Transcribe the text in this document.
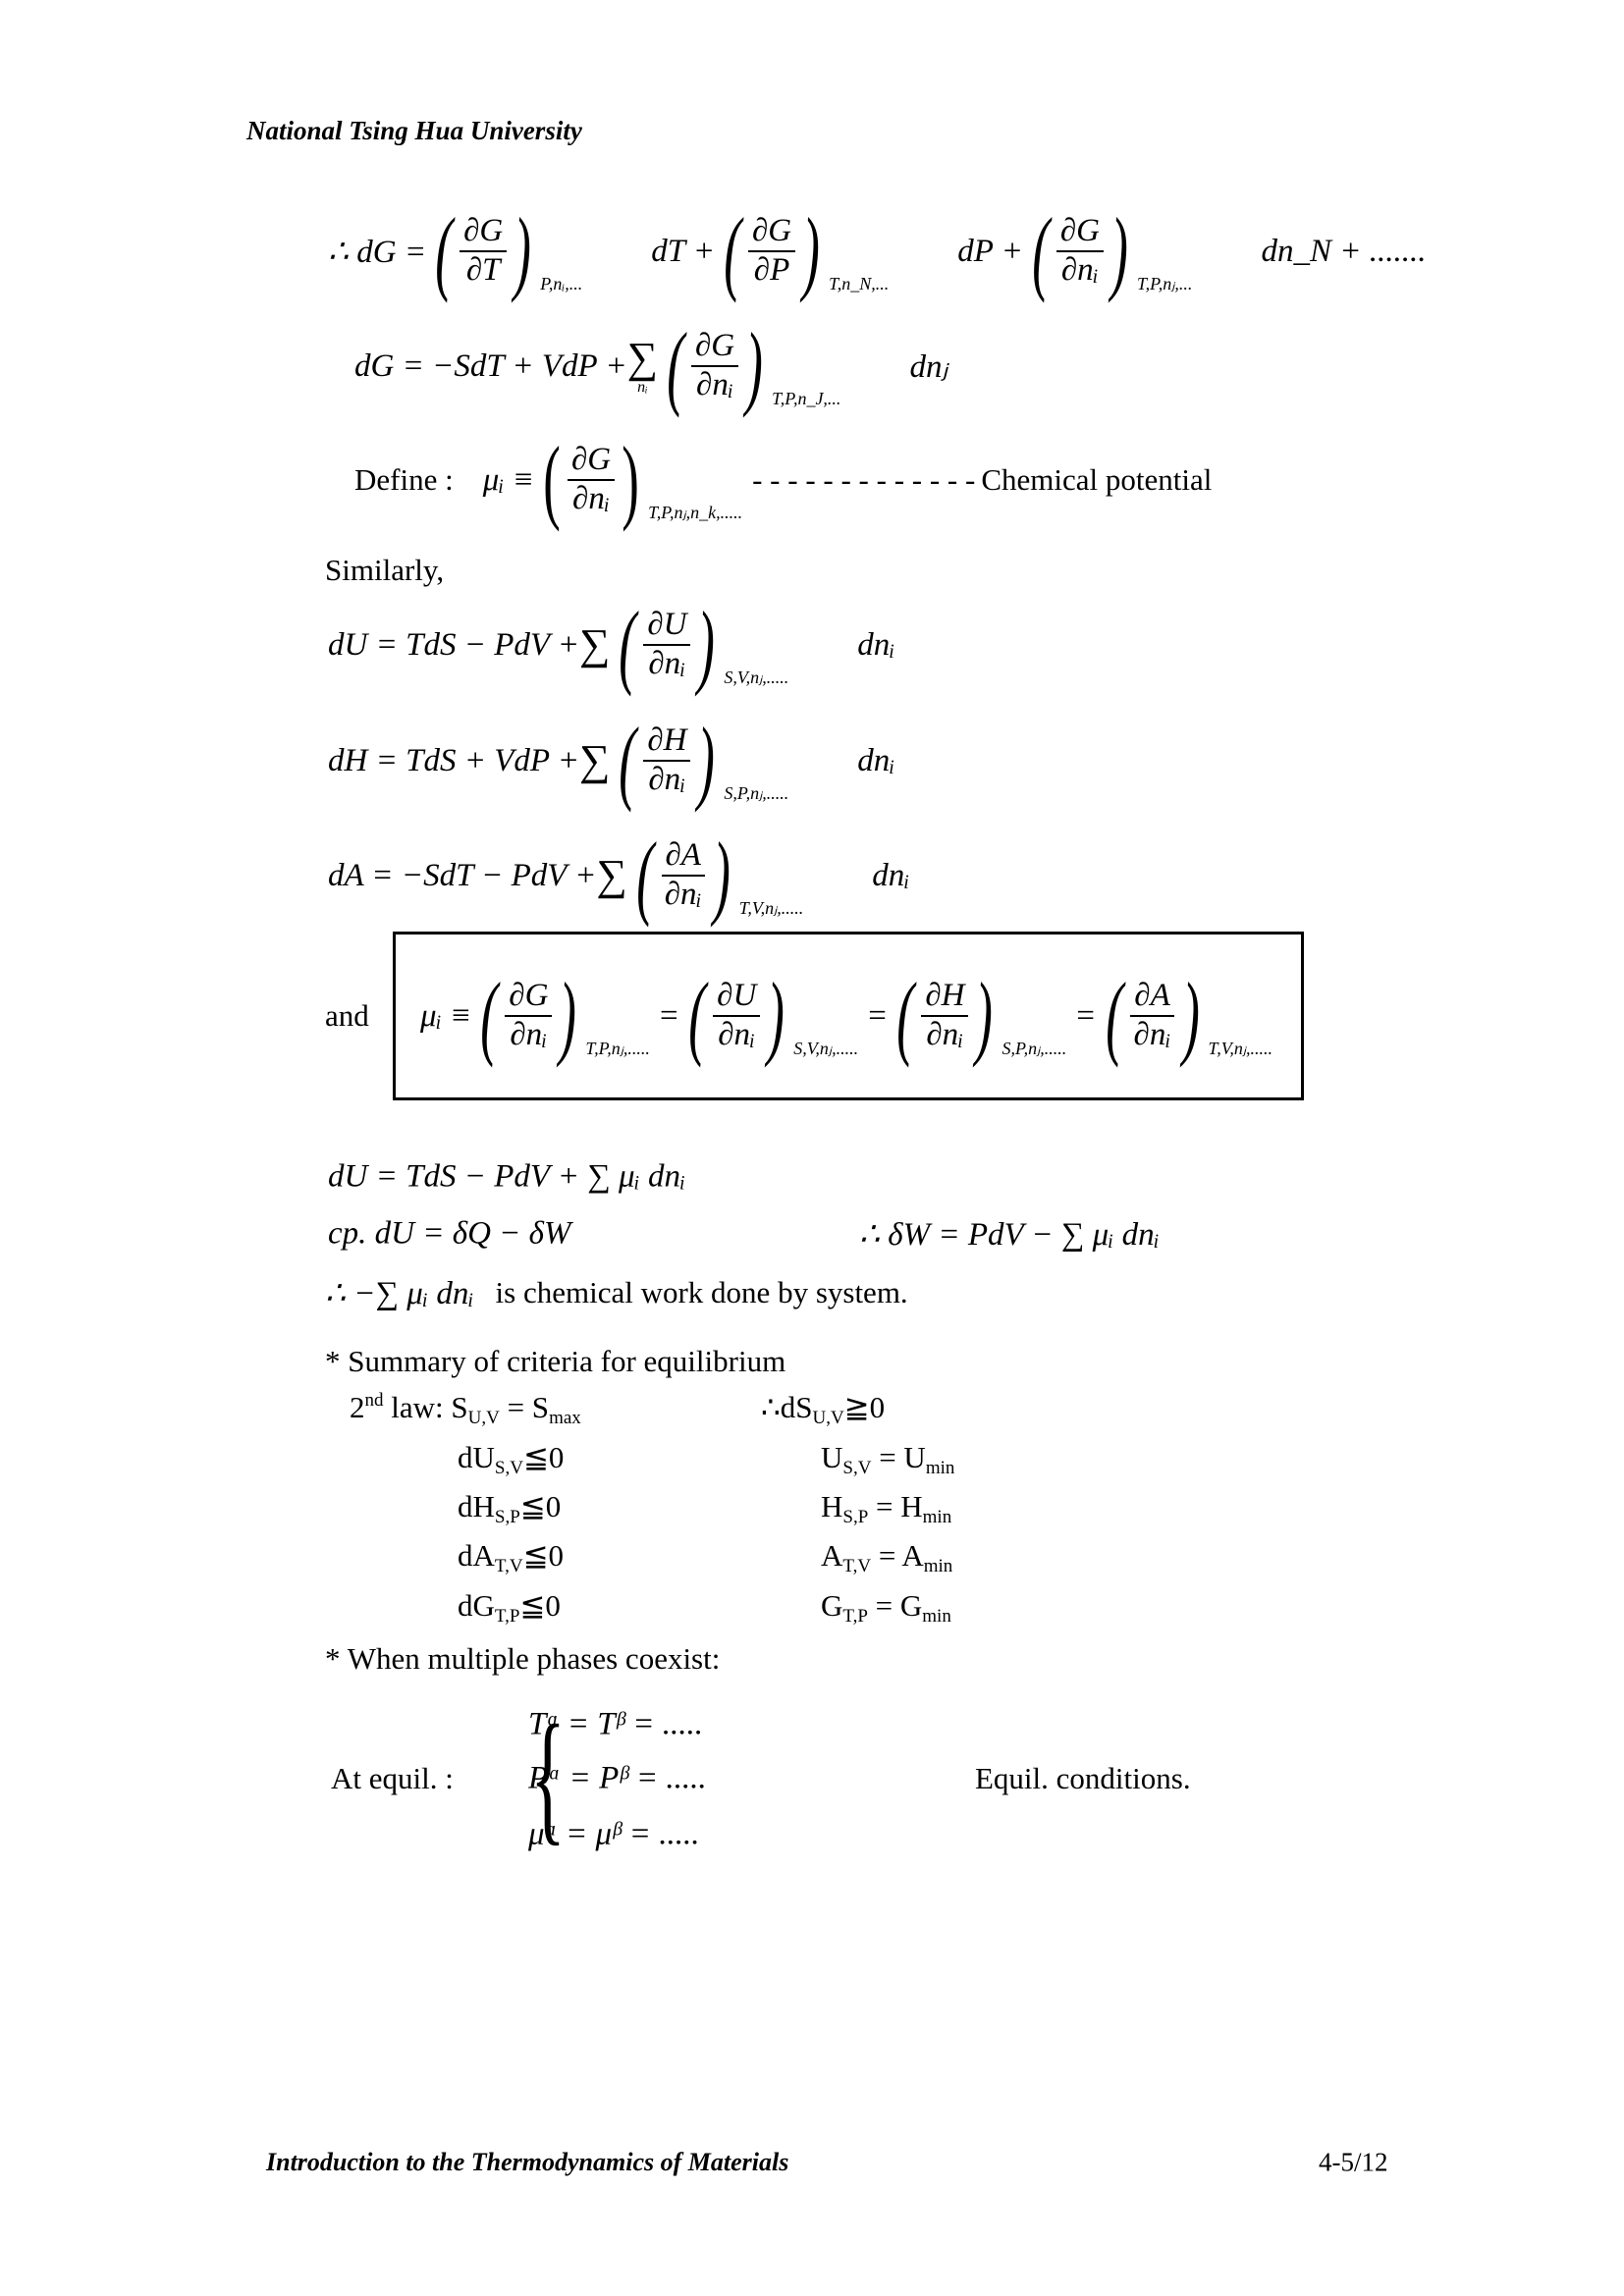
National Tsing Hua University
∴ dG = ( ∂G
∂T ) P,nᵢ,...
dT + ( ∂G
∂P ) T,n_N,...
dP + ( ∂G
∂nᵢ ) T,P,nⱼ,...
dn_N + .......
dG = −SdT + VdP + ∑
nᵢ ( ∂G
∂nᵢ ) T,P,n_J,...
dnⱼ
Define : μᵢ ≡ ( ∂G
∂nᵢ ) T,P,nⱼ,n_k,.....
- - - - - - - - - - - - - Chemical potential
Similarly,
dU = TdS − PdV + ∑ ( ∂U
∂nᵢ ) S,V,nⱼ,.....
dnᵢ
dH = TdS + VdP + ∑ ( ∂H
∂nᵢ ) S,P,nⱼ,.....
dnᵢ
dA = −SdT − PdV + ∑ ( ∂A
∂nᵢ ) T,V,nⱼ,.....
dnᵢ
and μᵢ ≡ ( ∂G
∂nᵢ ) T,P,nⱼ,.....
= ( ∂U
∂nᵢ ) S,V,nⱼ,.....
= ( ∂H
∂nᵢ ) S,P,nⱼ,.....
= ( ∂A
∂nᵢ ) T,V,nⱼ,.....
dU = TdS − PdV + ∑ μᵢ dnᵢ
cp. dU = δQ − δW	∴ δW = PdV − ∑ μᵢ dnᵢ
∴ −∑ μᵢ dnᵢ is chemical work done by system.
* Summary of criteria for equilibrium
2nd law: SU,V = Smax	∴dSU,V≧0
dUS,V≦0	US,V = Umin
dHS,P≦0	HS,P = Hmin
dAT,V≦0	AT,V = Amin
dGT,P≦0	GT,P = Gmin
* When multiple phases coexist:
At equil. : {
Tᵅ = Tᵝ = .....
Pᵅ = Pᵝ = .....
μᵅ = μᵝ = .....
Equil. conditions.
Introduction to the Thermodynamics of Materials	4-5/12
